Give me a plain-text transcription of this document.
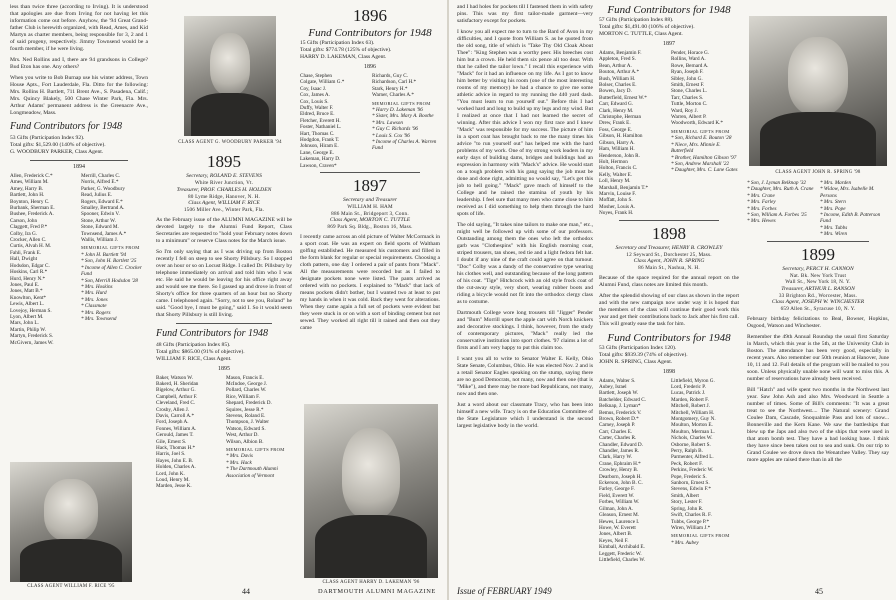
less than twice three (according to Irving). It is understood that apologies are due from Irving for not having let this information come out before. Anyhow, the '94 Great Grand-father Club is herewith organized, with Read, Ames, and Kid Martyn as charter members, being responsible for 3, 2 and 1 of said progeny, respectively. Jimmy Townsend would be a fourth member, if he were living.

Mrs. Ned Rollins and I, there are 94 grandsons in College? Bud Eton has one. Any others?

When you write to Bob Burnap use his winter address, Town House Apts., Fort Lauderdale, Fla. Ditto for the following: Mrs. Rollins H. Bartlett, 711 Brent Ave., S. Pasadena, Calif.; Mrs. Quincy Blakely, 500 Chase Winter Park, Fla. Mrs. Arthur Adams' permanent address is the Greenacre Ave., Longmeadow, Mass.

Fund Contributors for 1948
53 Gifts (Participation Index 92).
Total gifts: $1,529.00 (140% of objective).
G. WOODBURY PARKER, Class Agent.
1894
Allen, Frederick C.*
Ames, William M.
Amey, Harry B.
Bartlett, John H.
Boynton, Henry C.
Burbank, Sherman E.
Bushee, Frederick A.
Carson, John
Claggett, Fred P.*
Colby, Ira G.
Crocker, Allen C.
Curtis, Alvah H. M.
Fahli, Frank E.
Hall, Dwight
Hodsdon, Edgar C.
Hoskins, Carl R.*
Hurd, Henry N.*
Jones, Paul E.
Jones, Matt B.*
Knowlton, Kent*
Lewis, Albert L.
Lovejoy, Herman S.
Lyon, Albert M.
Mars, John L.
Martin, Philip W.
Martyn, Frederick S.
McGivern, James W.
Merrill, Charles C.
Norris, Alfred E.*
Parker, G. Woodbury
Read, Julius E.
Rogers, Edward E.*
Smalley, Bertrand A.
Spooner, Edwin V.
Stone, Arthur W.
Stone, Edward M.
Townsend, James A.*
Wallis, William J.
MEMORIAL GIFTS FROM
* John H. Bartlett '94
* Son, John H. Bartlett '25
* Income of Allen C. Crocker Fund
* Son, Merrill Hodsdon '28
* Mrs. Hoskins
* Mrs. Hurd
* Mrs. Jones
* Classmate
* Mrs. Rogers
* Mrs. Townsend
CLASS AGENT G. WOODBURY PARKER '94
CLASS AGENT WILLIAM F. RICE '95
1895
Secretary, ROLAND E. STEVENS
White River Junction, Vt.
Treasurer, PROF. CHARLES H. HOLDEN
80 Lyme Ridge, Hanover, N. H.
Class Agent, WILLIAM F. RICE
1506 Miller Ave., Winter Park, Fla.

As the February issue of the ALUMNI MAGAZINE will be devoted largely to the Alumni Fund Report, Class Secretaries are requested to "hold your February notes down to a minimum" or reserve Class notes for the March issue.

So I'm only saying that as I was driving up from Boston recently I fell on steep to see Shorty Pillsbury. So I stopped over an hour or so on Locust Ridge. I called Dr. Pillsbury by telephone immediately on arrival and told him who I was etc. He said he would be leaving for his office right away and would see me there. So I gassed up and drove in front of Shorty's office for three quarters of an hour but no Shorty came. I telephoned again. "Sorry, not to see you, Roland" he said. "Good bye, I must be going," said I. So it would seem that Shorty Pillsbury is still living.

Fund Contributors for 1948
48 Gifts (Participation Index 85).
Total gifts: $865.00 (91% of objective).
WILLIAM F. RICE, Class Agent.
1895
Baker, Watson W.
Bakerd, H. Sheridan
Bigelow, Arthur G.
Campbell, Arthur F.
Cleveland, Fred C.
Crosby, Allen J.
Davis, Carroll A.*
Ford, Joseph A.
Fonnes, William A.
Gerould, James T.
Gile, Ernest S.
Hack, Thomas H.*
Harris, Joel S.
Hayes, John E. B.
Holden, Charles A.
Lord, John K.
Loud, Henry M.
Marden, Jesse K.
Mason, Francis E.
McIndoe, George J.
Pollard, Charles W.
Rice, William F.
Shepard, Frederick D.
Squires, Jesse R.*
Stevens, Roland E.
Thompson, J. Walter
Watson, Edward S.
West, Arthur D.
Wilson, Albion B.
MEMORIAL GIFTS FROM
* Mrs. Davis
* Mrs. Hack
* The Dartmouth Alumni Association of Vermont
1896
Fund Contributors for 1948
15 Gifts (Participation Index 63).
Total gifts: $774.78 (125% of objective).
HARRY D. LAKEMAN, Class Agent.
1896
Chase, Stephen
Colgate, William G.*
Coy, Isaac J.
Cox, James A.
Cox, Louis S.
Duffy, Walter F.
Eldred, Bruce E.
Fletcher, Everett H.
Foster, Nathaniel L.
Hart, Thomas C.
Hodgdon, Frank T.
Johnson, Hiram E.
Lane, George E.
Lakeman, Harry D.
Lawson, Craven*
Richards, Guy C.
Richardson, Carl H.*
Stark, Henry H.*
Warner, Charles A.*
MEMORIAL GIFTS FROM
* Harry D. Lakeman '96
* Sister, Mrs. Mary A. Boothe
* Mrs. Lawson
* Guy C. Richards '96
* Louis S. Cox '96
* Income of Charles A. Warren Fund
1897
Secretary and Treasurer
WILLIAM H. HAM
886 Main St., Bridgeport 3, Conn.
Class Agent, MORTON C. TUTTLE
869 Park Sq. Bldg., Boston 16, Mass.

I recently came across an old picture of Walter McCormack in a sport coat. He was an expert on field sports of Waltham golfing established. He measured his customers and filled in the form blank for regular or special requirements. Choosing a cloth pattern, one day I ordered a pair of pants from "Mack". All the measurements were recorded but as I failed to designate pockets none were listed. The pants arrived as ordered with no pockets. I explained to "Mack" that lack of means pockets didn't bother, but I wanted two at least to put my hands in when it was cold. Back they went for alterations. When they came again a full set of pockets were evident but they were stuck in or on with a sort of binding cement but not sewed. They worked all right till it rained and then out they came

CLASS AGENT HARRY D. LAKEMAN '96
44	DARTMOUTH ALUMNI MAGAZINE

and I had holes for pockets till I fastened them in with safety pins. This was my first tailor-made garment—very satisfactory except for pockets.

I know you all expect me to turn to the Bard of Avon in my difficulties, and I quote from William S. as he quoted from the old song, title of which is "Take Thy Old Cloak About Thee": "King Stephen was a worthy peer. His breeches cost him but a crown. He held them six pence all too dear. With that he called the tailor lown." I recall this experience with "Mack" for it had an influence on my life. As I got to know him better by visiting his room (one of the most interesting rooms of my memory) he had a chance to give me some athletic advice in regard to my running the 440 yard dash. "You must learn to run yourself out." Before this I had worked hard and long to build up my legs and my wind. But I realized at once that I had not learned the secret of winning. After this advice I won my first race and I knew "Mack" was responsible for my success. The picture of him in a sport coat has brought back to me the many times his advice "to run yourself out" has helped me with the hard problems of my work. One of my strong work leaders in my early days of building dams, bridges and buildings had an expression in harmony with "Mack's" advice. He would start on a tough problem with his gang saying the job must be done and done right, admitting no would say, "Let's get this job to hell going." "Mack" gave much of himself to the College and he raised the stamina of youth by his leadership. I feel sure that many men who came close to him received as I did something to help them through the hard spots of life.

The old saying, "It takes nine tailors to make one man," etc., might well be followed up with some of our professors. Outstanding among them the ones who left the orthodox garb was "Clothespins" with his English morning coat, striped trousers, tan shoes, red tie and a light fedora felt hat. I doubt if any nine of the craft could agree on that turnout. "Doc" Colby was a dandy of the conservative type wearing his clothes well, and outstanding because of the long pattern of his coat. "Tige" Hitchcock with an old style frock coat of the cut-away style, very short, wearing rubber boots and riding a bicycle would not fit into the orthodox clergy class as to costume.

Dartmouth College wore long trousers till "Jigger" Pender and "Bum" Morrill upset the apple cart with Norch knickers and decorative stockings. I think, however, from the study of contemporary pictures, "Mack" really led the conservative institution into sport clothes. '97 claims a lot of firsts and I am very happy to put this claim too.

I want you all to write to Senator Walter E. Kelly, Ohio State Senate, Columbus, Ohio. He was elected Nov. 2 and is a retail Senator Eagles speaking on the stump, saying there are no good Democrats, not many, now and then one (that is "Mike"), and there may be more bad Republicans, not many, now and then one.

Just a word about our classmate Tracy, who has been into himself a new wife. Tracy is on the Education Committee of the State Legislature which I understand is the second largest legislative body in the world.

Fund Contributors for 1948
57 Gifts (Participation Index 88).
Total gifts: $1,491.00 (106% of objective).
MORTON C. TUTTLE, Class Agent.
1897
Adams, Benjamin F.
Appleton, Fred S.
Bean, Arthur A.
Bouton, Arthur A.*
Bush, William H.
Bolser, Charles E.
Bowen, Jacy D.
Butterfield, Ernest W.*
Carr, Edward G.
Clark, Henry M.
Christophe, Herman
Drew, Frank E.
Foss, George E.
Gibson, H. Hamilton
Gibson, Harry A.
Ham, William H.
Henderson, John R.
Holt, Hermon
Holton, Francis C.
Kelly, Walter E.
Loll, Henry M.
Marshall, Benjamin T.*
Marvin, Louise F.
Moffatt, John S.
Mosher, Louis A.
Noyes, Frank H.
Pender, Horace G.
Rollins, Ward A.
Rowe, Bernard A.
Ryan, Joseph F.
Sibley, John G.
Smith, Ernest F.
Stone, Charles L.
Tarr, Charles S.
Tuttle, Morton C.
Ward, Roy J.
Warren, Albert P.
Woodworth, Edward K.*
MEMORIAL GIFTS FROM
* Son, Richard E. Bouton '28
* Niece, Mrs. Minnie E. Butterfield
* Brother, Hamilton Gibson '97
* Son, Andrew Marshall '22
* Daughter, Mrs. C. Lane Gates
1898
Secretary and Treasurer, HENRY B. CROWLEY
12 Seyward St., Dorchester 25, Mass.
Class Agent, JOHN R. SPRING
86 Main St., Nashua, N. H.

Because of the space required for the annual report on the Alumni Fund, class notes are limited this month.

After the splendid showing of our class as shown in the report and with the new campaign now under way it is hoped that the members of the class will continue their good work this year and get their contributions back to Jack after his first call. This will greatly ease the task for him.

Fund Contributors for 1948
53 Gifts (Participation Index 120).
Total gifts: $939.39 (74% of objective).
JOHN R. SPRING, Class Agent.
1898
Adams, Walter S.
Aubey, Israel
Bartlett, Joseph W.
Batchelder, Edward C.
Belknap, J. Lyman*
Bemus, Frederick V.
Brown, Robert D.*
Carney, Joseph P.
Carr, Charles E.
Carter, Charles R.
Chandler, Edward D.
Chandler, James R.
Clark, Harry W.
Crane, Ephraim H.*
Crowley, Henry B.
Dearborn, Joseph H.
Eckerson, John B. C.
Farley, George F.
Field, Everett W.
Forbes, William W.
Gilman, John A.
Gleason, Ernest M.
Hewes, Laurence I.
Howe, W. Everett
Jones, Albert B.
Keyes, Neil F.
Kimball, Archibald E.
Leggett, Frederic W.
Littlefield, Charles W.
Littlefield, Myron G.
Lord, Frederic P.
Lucas, Patrick J.
Marden, Robert F.
Mitchell, Robert J.
Mitchell, William H.
Montgomery, Guy N.
Moulton, Morton E.
Moulton, Merman L.
Nichols, Charles W.
Osborne, Robert S.
Perry, Ralph B.
Parmenter, Alfred L.
Peck, Robert F.
Perkins, Frederic W.
Pope, Frederic S.
Sanborn, Ernest S.
Stevens, Edwin F.*
Smith, Albert
Story, Lester F.
Spring, John R.
Swift, Charles R. F.
Tubbs, George P.*
Wiren, William J.*
MEMORIAL GIFTS FROM
* Mrs. Aubey
CLASS AGENT JOHN R. SPRING '98
* Son, J. Lyman Belknap '32
* Daughter, Mrs. Ruth A. Crane
* Mrs. Crane
* Mrs. Farley
* Mrs. Forbes
* Son, William A. Forbes '25
* Mrs. Hewes
* Mrs. Marden
* Widow, Mrs. Isabelle M. Persons
* Mrs. Stern
* Mrs. Pope
* Income, Edith B. Patterson Fund
* Mrs. Tubbs
* Mrs. Wiren
1899
Secretary, PERCY H. CANNON
Nat. Bk. New York Trust
Wall St., New York 18, N. Y.
Treasurer, ARTHUR L. RANSON
33 Brighton Rd., Worcester, Mass.
Class Agent, JOSEPH W. WINCHESTER
659 Allen St., Syracuse 10, N. Y.

February birthday felicitations to Beal, Bowser, Hopkins, Osgood, Watson and Winchester.

Remember the 49th Annual Roundup the usual first Saturday in March, which this year is the 5th, at the University Club in Boston. The attendance has been very good, especially in recent years. Also remember our 50th reunion at Hanover, June 10, 11 and 12. Full details of the program will be mailed to you soon. Unless physically unable none will want to miss this. A number of reservations have already been received.

Bill "Hatch" and wife spent two months in the Northwest last year. Saw John Ash and also Mrs. Woodward in Seattle a number of times. Some of Bill's comments: "It was a great treat to see the Northwest.... The Natural scenery: Grand Coulee Dam, Cascade, Snoqualmie Pass and lots of snow... Bonneville and the Kern Kane. We saw the battleships that blew up the Japs and also two of the ships that were used in that atom bomb test. They have a bad looking base. I think they have since been taken out to sea and sunk. On our trip to Grand Coulee we drove down the Wenatchee Valley. They say more apples are raised there than in all the

Issue of FEBRUARY 1949	45
